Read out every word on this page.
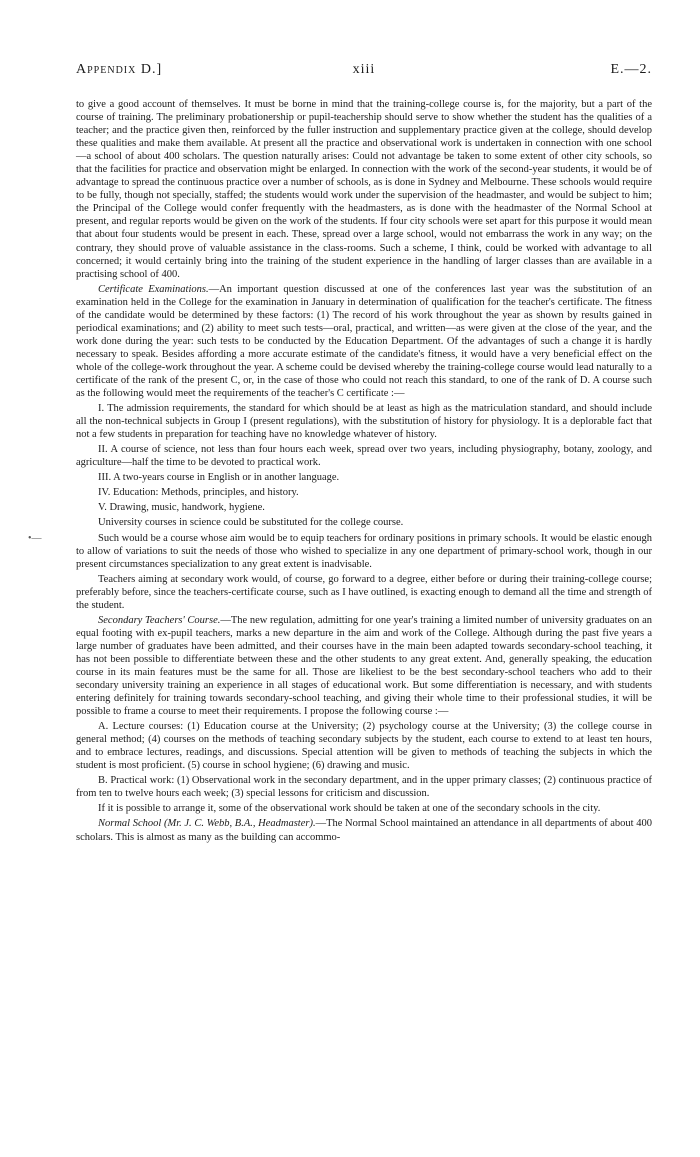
Appendix D.]	xiii	E.—2.
•—

to give a good account of themselves. It must be borne in mind that the training-college course is, for the majority, but a part of the course of training. The preliminary probationership or pupil-teachership should serve to show whether the student has the qualities of a teacher; and the practice given then, reinforced by the fuller instruction and supplementary practice given at the college, should develop these qualities and make them available. At present all the practice and observational work is undertaken in connection with one school—a school of about 400 scholars. The question naturally arises: Could not advantage be taken to some extent of other city schools, so that the facilities for practice and observation might be enlarged. In connection with the work of the second-year students, it would be of advantage to spread the continuous practice over a number of schools, as is done in Sydney and Melbourne. These schools would require to be fully, though not specially, staffed; the students would work under the supervision of the headmaster, and would be subject to him; the Principal of the College would confer frequently with the headmasters, as is done with the headmaster of the Normal School at present, and regular reports would be given on the work of the students. If four city schools were set apart for this purpose it would mean that about four students would be present in each. These, spread over a large school, would not embarrass the work in any way; on the contrary, they should prove of valuable assistance in the class-rooms. Such a scheme, I think, could be worked with advantage to all concerned; it would certainly bring into the training of the student experience in the handling of larger classes than are available in a practising school of 400.

Certificate Examinations.—An important question discussed at one of the conferences last year was the substitution of an examination held in the College for the examination in January in determination of qualification for the teacher's certificate. The fitness of the candidate would be determined by these factors: (1) The record of his work throughout the year as shown by results gained in periodical examinations; and (2) ability to meet such tests—oral, practical, and written—as were given at the close of the year, and the work done during the year: such tests to be conducted by the Education Department. Of the advantages of such a change it is hardly necessary to speak. Besides affording a more accurate estimate of the candidate's fitness, it would have a very beneficial effect on the whole of the college-work throughout the year. A scheme could be devised whereby the training-college course would lead naturally to a certificate of the rank of the present C, or, in the case of those who could not reach this standard, to one of the rank of D. A course such as the following would meet the requirements of the teacher's C certificate :—

I. The admission requirements, the standard for which should be at least as high as the matriculation standard, and should include all the non-technical subjects in Group I (present regulations), with the substitution of history for physiology. It is a deplorable fact that not a few students in preparation for teaching have no knowledge whatever of history.

II. A course of science, not less than four hours each week, spread over two years, including physiography, botany, zoology, and agriculture—half the time to be devoted to practical work.

III. A two-years course in English or in another language.

IV. Education: Methods, principles, and history.

V. Drawing, music, handwork, hygiene.

University courses in science could be substituted for the college course.

Such would be a course whose aim would be to equip teachers for ordinary positions in primary schools. It would be elastic enough to allow of variations to suit the needs of those who wished to specialize in any one department of primary-school work, though in our present circumstances specialization to any great extent is inadvisable.

Teachers aiming at secondary work would, of course, go forward to a degree, either before or during their training-college course; preferably before, since the teachers-certificate course, such as I have outlined, is exacting enough to demand all the time and strength of the student.

Secondary Teachers' Course.—The new regulation, admitting for one year's training a limited number of university graduates on an equal footing with ex-pupil teachers, marks a new departure in the aim and work of the College. Although during the past five years a large number of graduates have been admitted, and their courses have in the main been adapted towards secondary-school teaching, it has not been possible to differentiate between these and the other students to any great extent. And, generally speaking, the education course in its main features must be the same for all. Those are likeliest to be the best secondary-school teachers who add to their secondary university training an experience in all stages of educational work. But some differentiation is necessary, and with students entering definitely for training towards secondary-school teaching, and giving their whole time to their professional studies, it will be possible to frame a course to meet their requirements. I propose the following course :—

A. Lecture courses: (1) Education course at the University; (2) psychology course at the University; (3) the college course in general method; (4) courses on the methods of teaching secondary subjects by the student, each course to extend to at least ten hours, and to embrace lectures, readings, and discussions. Special attention will be given to methods of teaching the subjects in which the student is most proficient. (5) course in school hygiene; (6) drawing and music.

B. Practical work: (1) Observational work in the secondary department, and in the upper primary classes; (2) continuous practice of from ten to twelve hours each week; (3) special lessons for criticism and discussion.

If it is possible to arrange it, some of the observational work should be taken at one of the secondary schools in the city.

Normal School (Mr. J. C. Webb, B.A., Headmaster).—The Normal School maintained an attendance in all departments of about 400 scholars. This is almost as many as the building can accommo-
